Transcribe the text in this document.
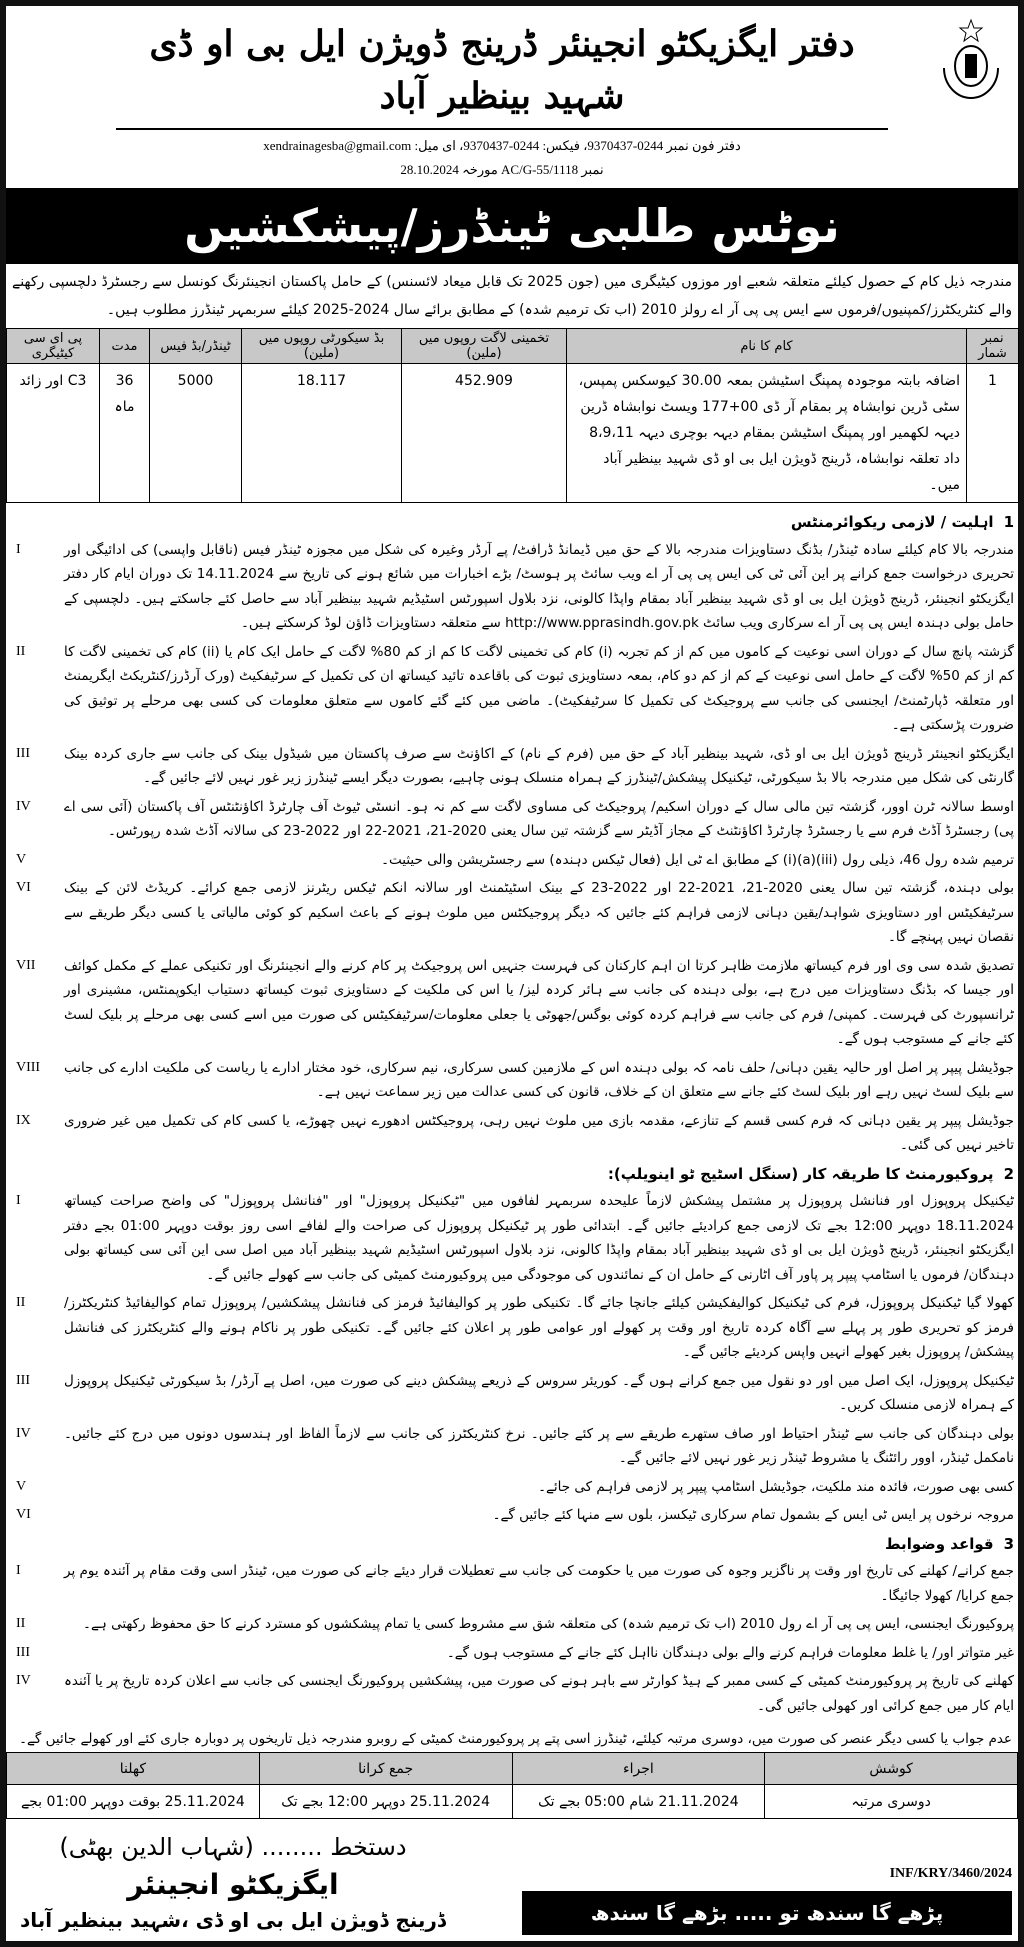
دفتر ایگزیکٹو انجینئر ڈرینج ڈویژن ایل بی او ڈی شہید بینظیر آباد
دفتر فون نمبر 0244-9370437، فیکس: 0244-9370437، ای میل: xendrainagesba@gmail.com
نمبر AC/G-55/1118 مورخہ 28.10.2024
نوٹس طلبی ٹینڈرز/پیشکشیں
مندرجہ ذیل کام کے حصول کیلئے متعلقہ شعبے اور موزوں کیٹیگری میں (جون 2025 تک قابل میعاد لائسنس) کے حامل پاکستان انجینئرنگ کونسل سے رجسٹرڈ دلچسپی رکھنے والے کنٹریکٹرز/کمپنیوں/فرموں سے ایس پی پی آر اے رولز 2010 (اب تک ترمیم شدہ) کے مطابق برائے سال 2024-2025 کیلئے سربمہر ٹینڈرز مطلوب ہیں۔
نمبر شمار	کام کا نام	تخمینی لاگت روپوں میں (ملین)	بڈ سیکورٹی روپوں میں (ملین)	ٹینڈر/بڈ فیس	مدت	پی ای سی کیٹیگری
1	اضافہ بابتہ موجودہ پمپنگ اسٹیشن بمعہ 30.00 کیوسکس پمپس، سٹی ڈرین نوابشاہ پر بمقام آر ڈی 00+177 ویسٹ نوابشاہ ڈرین دیہہ لکھمیر اور پمپنگ اسٹیشن بمقام دیہہ بوچری دیہہ 8،9،11 داد تعلقہ نوابشاہ، ڈرینج ڈویژن ایل بی او ڈی شہید بینظیر آباد میں۔	452.909	18.117	5000	36 ماہ	C3 اور زائد
1
اہلیت / لازمی ریکوائرمنٹس
مندرجہ بالا کام کیلئے سادہ ٹینڈر/ بڈنگ دستاویزات مندرجہ بالا کے حق میں ڈیمانڈ ڈرافٹ/ پے آرڈر وغیرہ کی شکل میں مجوزہ ٹینڈر فیس (ناقابل واپسی) کی ادائیگی اور تحریری درخواست جمع کرانے پر این آئی ٹی کی ایس پی پی آر اے ویب سائٹ پر ہوسٹ/ بڑے اخبارات میں شائع ہونے کی تاریخ سے 14.11.2024 تک دوران ایام کار دفتر ایگزیکٹو انجینئر، ڈرینج ڈویژن ایل بی او ڈی شہید بینظیر آباد بمقام واپڈا کالونی، نزد بلاول اسپورٹس اسٹیڈیم شہید بینظیر آباد سے حاصل کئے جاسکتے ہیں۔ دلچسپی کے حامل بولی دہندہ ایس پی پی آر اے سرکاری ویب سائٹ http://www.pprasindh.gov.pk سے متعلقہ دستاویزات ڈاؤن لوڈ کرسکتے ہیں۔
I
گزشتہ پانچ سال کے دوران اسی نوعیت کے کاموں میں کم از کم تجربہ (i) کام کی تخمینی لاگت کا کم از کم 80% لاگت کے حامل ایک کام یا (ii) کام کی تخمینی لاگت کا کم از کم 50% لاگت کے حامل اسی نوعیت کے کم از کم دو کام، بمعہ دستاویزی ثبوت کی باقاعدہ تائید کیساتھ ان کی تکمیل کے سرٹیفکیٹ (ورک آرڈرز/کنٹریکٹ ایگریمنٹ اور متعلقہ ڈپارٹمنٹ/ ایجنسی کی جانب سے پروجیکٹ کی تکمیل کا سرٹیفکیٹ)۔ ماضی میں کئے گئے کاموں سے متعلق معلومات کی کسی بھی مرحلے پر توثیق کی ضرورت پڑسکتی ہے۔
II
ایگزیکٹو انجینئر ڈرینج ڈویژن ایل بی او ڈی، شہید بینظیر آباد کے حق میں (فرم کے نام) کے اکاؤنٹ سے صرف پاکستان میں شیڈول بینک کی جانب سے جاری کردہ بینک گارنٹی کی شکل میں مندرجہ بالا بڈ سیکورٹی، ٹیکنیکل پیشکش/ٹینڈرز کے ہمراہ منسلک ہونی چاہیے، بصورت دیگر ایسے ٹینڈرز زیر غور نہیں لائے جائیں گے۔
III
اوسط سالانہ ٹرن اوور، گزشتہ تین مالی سال کے دوران اسکیم/ پروجیکٹ کی مساوی لاگت سے کم نہ ہو۔ انسٹی ٹیوٹ آف چارٹرڈ اکاؤنٹنٹس آف پاکستان (آئی سی اے پی) رجسٹرڈ آڈٹ فرم سے یا رجسٹرڈ چارٹرڈ اکاؤنٹنٹ کے مجاز آڈیٹر سے گزشتہ تین سال یعنی 2020-21، 2021-22 اور 2022-23 کی سالانہ آڈٹ شدہ رپورٹس۔
IV
ترمیم شدہ رول 46، ذیلی رول (iii)(a)(i) کے مطابق اے ٹی ایل (فعال ٹیکس دہندہ) سے رجسٹریشن والی حیثیت۔
V
بولی دہندہ، گزشتہ تین سال یعنی 2020-21، 2021-22 اور 2022-23 کے بینک اسٹیٹمنٹ اور سالانہ انکم ٹیکس ریٹرنز لازمی جمع کرائے۔ کریڈٹ لائن کے بینک سرٹیفکیٹس اور دستاویزی شواہد/یقین دہانی لازمی فراہم کئے جائیں کہ دیگر پروجیکٹس میں ملوث ہونے کے باعث اسکیم کو کوئی مالیاتی یا کسی دیگر طریقے سے نقصان نہیں پہنچے گا۔
VI
تصدیق شدہ سی وی اور فرم کیساتھ ملازمت ظاہر کرتا ان اہم کارکنان کی فہرست جنہیں اس پروجیکٹ پر کام کرنے والے انجینئرنگ اور تکنیکی عملے کے مکمل کوائف اور جیسا کہ بڈنگ دستاویزات میں درج ہے، بولی دہندہ کی جانب سے ہائر کردہ لیز/ یا اس کی ملکیت کے دستاویزی ثبوت کیساتھ دستیاب ایکوپمنٹس، مشینری اور ٹرانسپورٹ کی فہرست۔ کمپنی/ فرم کی جانب سے فراہم کردہ کوئی بوگس/جھوٹی یا جعلی معلومات/سرٹیفکیٹس کی صورت میں اسے کسی بھی مرحلے پر بلیک لسٹ کئے جانے کے مستوجب ہوں گے۔
VII
جوڈیشل پیپر پر اصل اور حالیہ یقین دہانی/ حلف نامہ کہ بولی دہندہ اس کے ملازمین کسی سرکاری، نیم سرکاری، خود مختار ادارے یا ریاست کی ملکیت ادارے کی جانب سے بلیک لسٹ نہیں رہے اور بلیک لسٹ کئے جانے سے متعلق ان کے خلاف، قانون کی کسی عدالت میں زیر سماعت نہیں ہے۔
VIII
جوڈیشل پیپر پر یقین دہانی کہ فرم کسی قسم کے تنازعے، مقدمہ بازی میں ملوث نہیں رہی، پروجیکٹس ادھورے نہیں چھوڑے، یا کسی کام کی تکمیل میں غیر ضروری تاخیر نہیں کی گئی۔
IX
2
پروکیورمنٹ کا طریقہ کار (سنگل اسٹیج ٹو اینویلپ):
ٹیکنیکل پروپوزل اور فنانشل پروپوزل پر مشتمل پیشکش لازماً علیحدہ سربمہر لفافوں میں "ٹیکنیکل پروپوزل" اور "فنانشل پروپوزل" کی واضح صراحت کیساتھ 18.11.2024 دوپہر 12:00 بجے تک لازمی جمع کرادیئے جائیں گے۔ ابتدائی طور پر ٹیکنیکل پروپوزل کی صراحت والے لفافے اسی روز بوقت دوپہر 01:00 بجے دفتر ایگزیکٹو انجینئر، ڈرینج ڈویژن ایل بی او ڈی شہید بینظیر آباد بمقام واپڈا کالونی، نزد بلاول اسپورٹس اسٹیڈیم شہید بینظیر آباد میں اصل سی این آئی سی کیساتھ بولی دہندگان/ فرموں یا اسٹامپ پیپر پر پاور آف اٹارنی کے حامل ان کے نمائندوں کی موجودگی میں پروکیورمنٹ کمیٹی کی جانب سے کھولے جائیں گے۔
I
کھولا گیا ٹیکنیکل پروپوزل، فرم کی ٹیکنیکل کوالیفکیشن کیلئے جانچا جائے گا۔ تکنیکی طور پر کوالیفائیڈ فرمز کی فنانشل پیشکشیں/ پروپوزل تمام کوالیفائیڈ کنٹریکٹرز/ فرمز کو تحریری طور پر پہلے سے آگاہ کردہ تاریخ اور وقت پر کھولے اور عوامی طور پر اعلان کئے جائیں گے۔ تکنیکی طور پر ناکام ہونے والے کنٹریکٹرز کی فنانشل پیشکش/ پروپوزل بغیر کھولے انہیں واپس کردیئے جائیں گے۔
II
ٹیکنیکل پروپوزل، ایک اصل میں اور دو نقول میں جمع کرانے ہوں گے۔ کوریئر سروس کے ذریعے پیشکش دینے کی صورت میں، اصل پے آرڈر/ بڈ سیکورٹی ٹیکنیکل پروپوزل کے ہمراہ لازمی منسلک کریں۔
III
بولی دہندگان کی جانب سے ٹینڈر احتیاط اور صاف ستھرے طریقے سے پر کئے جائیں۔ نرخ کنٹریکٹرز کی جانب سے لازماً الفاظ اور ہندسوں دونوں میں درج کئے جائیں۔ نامکمل ٹینڈر، اوور رائٹنگ یا مشروط ٹینڈر زیر غور نہیں لائے جائیں گے۔
IV
کسی بھی صورت، فائدہ مند ملکیت، جوڈیشل اسٹامپ پیپر پر لازمی فراہم کی جائے۔
V
مروجہ نرخوں پر ایس ٹی ایس کے بشمول تمام سرکاری ٹیکسز، بلوں سے منہا کئے جائیں گے۔
VI
3
قواعد وضوابط
جمع کرانے/ کھلنے کی تاریخ اور وقت پر ناگزیر وجوہ کی صورت میں یا حکومت کی جانب سے تعطیلات قرار دیئے جانے کی صورت میں، ٹینڈر اسی وقت مقام پر آئندہ یوم پر جمع کرایا/ کھولا جائیگا۔
I
پروکیورنگ ایجنسی، ایس پی پی آر اے رول 2010 (اب تک ترمیم شدہ) کی متعلقہ شق سے مشروط کسی یا تمام پیشکشوں کو مسترد کرنے کا حق محفوظ رکھتی ہے۔
II
غیر متواتر اور/ یا غلط معلومات فراہم کرنے والے بولی دہندگان نااہل کئے جانے کے مستوجب ہوں گے۔
III
کھلنے کی تاریخ پر پروکیورمنٹ کمیٹی کے کسی ممبر کے ہیڈ کوارٹر سے باہر ہونے کی صورت میں، پیشکشیں پروکیورنگ ایجنسی کی جانب سے اعلان کردہ تاریخ پر یا آئندہ ایام کار میں جمع کرائی اور کھولی جائیں گی۔
IV
عدم جواب یا کسی دیگر عنصر کی صورت میں، دوسری مرتبہ کیلئے، ٹینڈرز اسی پتے پر پروکیورمنٹ کمیٹی کے روبرو مندرجہ ذیل تاریخوں پر دوبارہ جاری کئے اور کھولے جائیں گے۔
کوشش	اجراء	جمع کرانا	کھلنا
دوسری مرتبہ	21.11.2024 شام 05:00 بجے تک	25.11.2024 دوپہر 12:00 بجے تک	25.11.2024 بوقت دوپہر 01:00 بجے
دستخط ........ (شہاب الدین بھٹی)
ایگزیکٹو انجینئر
ڈرینج ڈویژن ایل بی او ڈی ،شہید بینظیر آباد
INF/KRY/3460/2024
پڑھے گا سندھ تو ..... بڑھے گا سندھ
